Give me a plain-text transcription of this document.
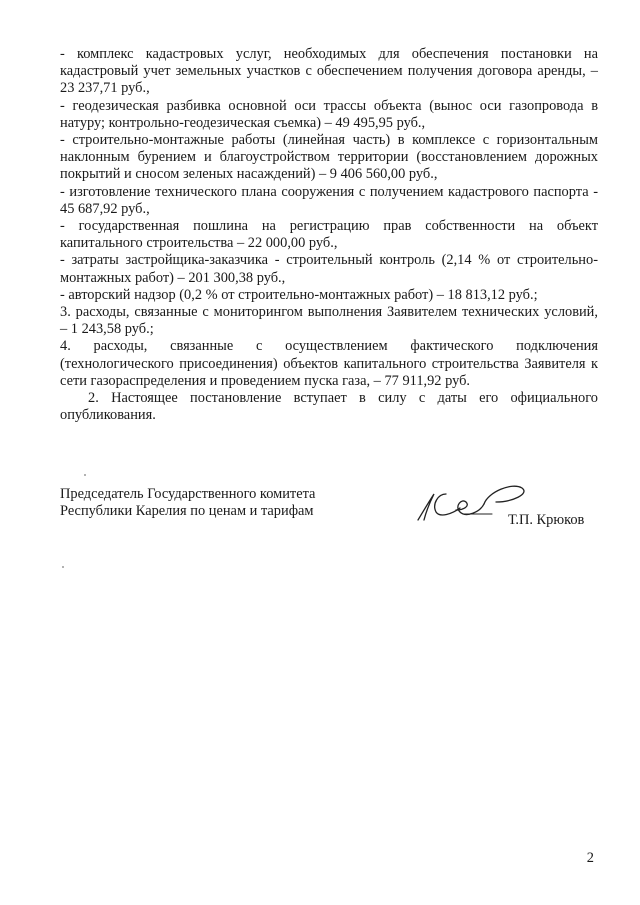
- комплекс кадастровых услуг, необходимых для обеспечения постановки на кадастровый учет земельных участков с обеспечением получения договора аренды, – 23 237,71 руб.,

- геодезическая разбивка основной оси трассы объекта (вынос оси газопровода в натуру; контрольно-геодезическая съемка) – 49 495,95 руб.,

- строительно-монтажные работы (линейная часть) в комплексе с горизонтальным наклонным бурением и благоустройством территории (восстановлением дорожных покрытий и сносом зеленых насаждений) – 9 406 560,00 руб.,

- изготовление технического плана сооружения с получением кадастрового паспорта - 45 687,92 руб.,

- государственная пошлина на регистрацию прав собственности на объект капитального строительства – 22 000,00 руб.,

- затраты застройщика-заказчика - строительный контроль (2,14 % от строительно-монтажных работ) – 201 300,38 руб.,

- авторский надзор (0,2 % от строительно-монтажных работ) – 18 813,12 руб.;

3. расходы, связанные с мониторингом выполнения Заявителем технических условий, – 1 243,58 руб.;

4. расходы, связанные с осуществлением фактического подключения (технологического присоединения) объектов капитального строительства Заявителя к сети газораспределения и проведением пуска газа, – 77 911,92 руб.

2. Настоящее постановление вступает в силу с даты его официального опубликования.

Председатель Государственного комитета
Республики Карелия по ценам и тарифам
Т.П. Крюков
2
